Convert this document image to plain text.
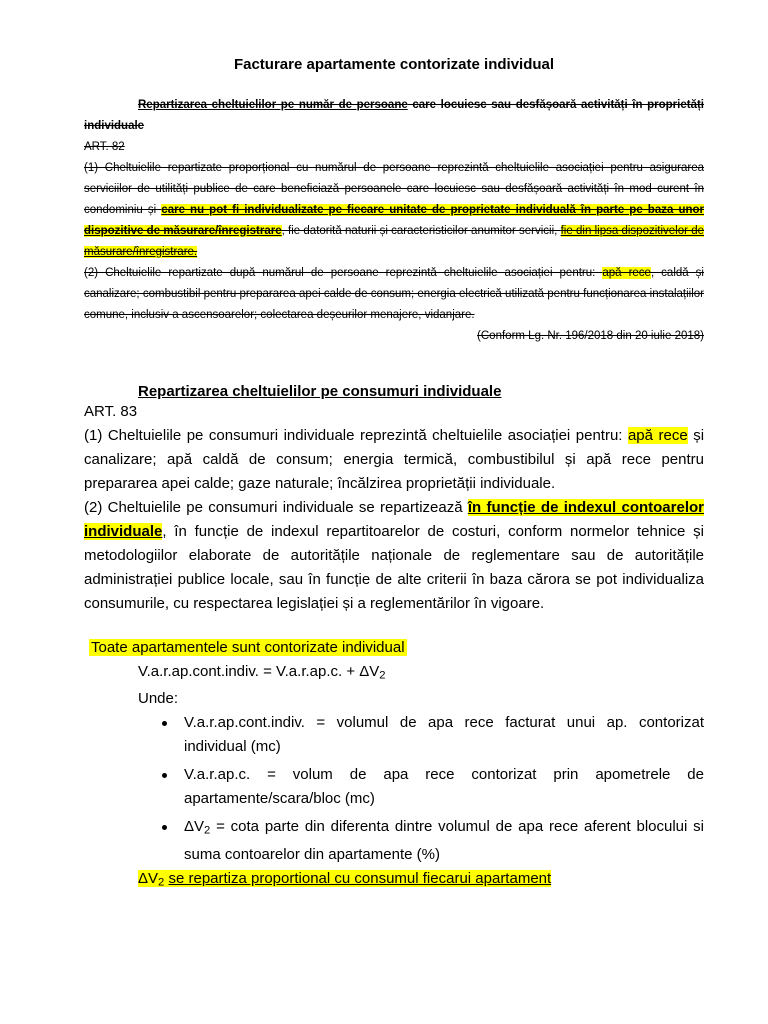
Facturare apartamente contorizate individual

Repartizarea cheltuielilor pe număr de persoane care locuiesc sau desfășoară activități în proprietăți individuale

ART. 82

(1) Cheltuielile repartizate proporțional cu numărul de persoane reprezintă cheltuielile asociației pentru asigurarea serviciilor de utilități publice de care beneficiază persoanele care locuiesc sau desfășoară activități în mod curent în condominiu și care nu pot fi individualizate pe fiecare unitate de proprietate individuală în parte pe baza unor dispozitive de măsurare/înregistrare, fie datorită naturii și caracteristicilor anumitor servicii, fie din lipsa dispozitivelor de măsurare/înregistrare.

(2) Cheltuielile repartizate după numărul de persoane reprezintă cheltuielile asociației pentru: apă rece, caldă și canalizare; combustibil pentru prepararea apei calde de consum; energia electrică utilizată pentru funcționarea instalațiilor comune, inclusiv a ascensoarelor; colectarea deșeurilor menajere, vidanjare.

(Conform Lg. Nr. 196/2018 din 20 iulie 2018)

Repartizarea cheltuielilor pe consumuri individuale

ART. 83

(1) Cheltuielile pe consumuri individuale reprezintă cheltuielile asociației pentru: apă rece și canalizare; apă caldă de consum; energia termică, combustibilul și apă rece pentru prepararea apei calde; gaze naturale; încălzirea proprietății individuale.

(2) Cheltuielile pe consumuri individuale se repartizează în funcție de indexul contoarelor individuale, în funcție de indexul repartitoarelor de costuri, conform normelor tehnice și metodologiilor elaborate de autoritățile naționale de reglementare sau de autoritățile administrației publice locale, sau în funcție de alte criterii în baza cărora se pot individualiza consumurile, cu respectarea legislației și a reglementărilor în vigoare.

Toate apartamentele sunt contorizate individual
V.a.r.ap.cont.indiv. = V.a.r.ap.c. + $\Delta V_2$
Unde:
V.a.r.ap.cont.indiv. = volumul de apa rece facturat unui ap. contorizat individual (mc)
V.a.r.ap.c. = volum de apa rece contorizat prin apometrele de apartamente/scara/bloc (mc)
$\Delta V_2 = \cot a$ parte din diferenta dintre volumul de apa rece aferent blocului si suma contoarelor din apartamente (%)
$\Delta V_2$ se repartiza proportional cu consumul fiecarui apartament
